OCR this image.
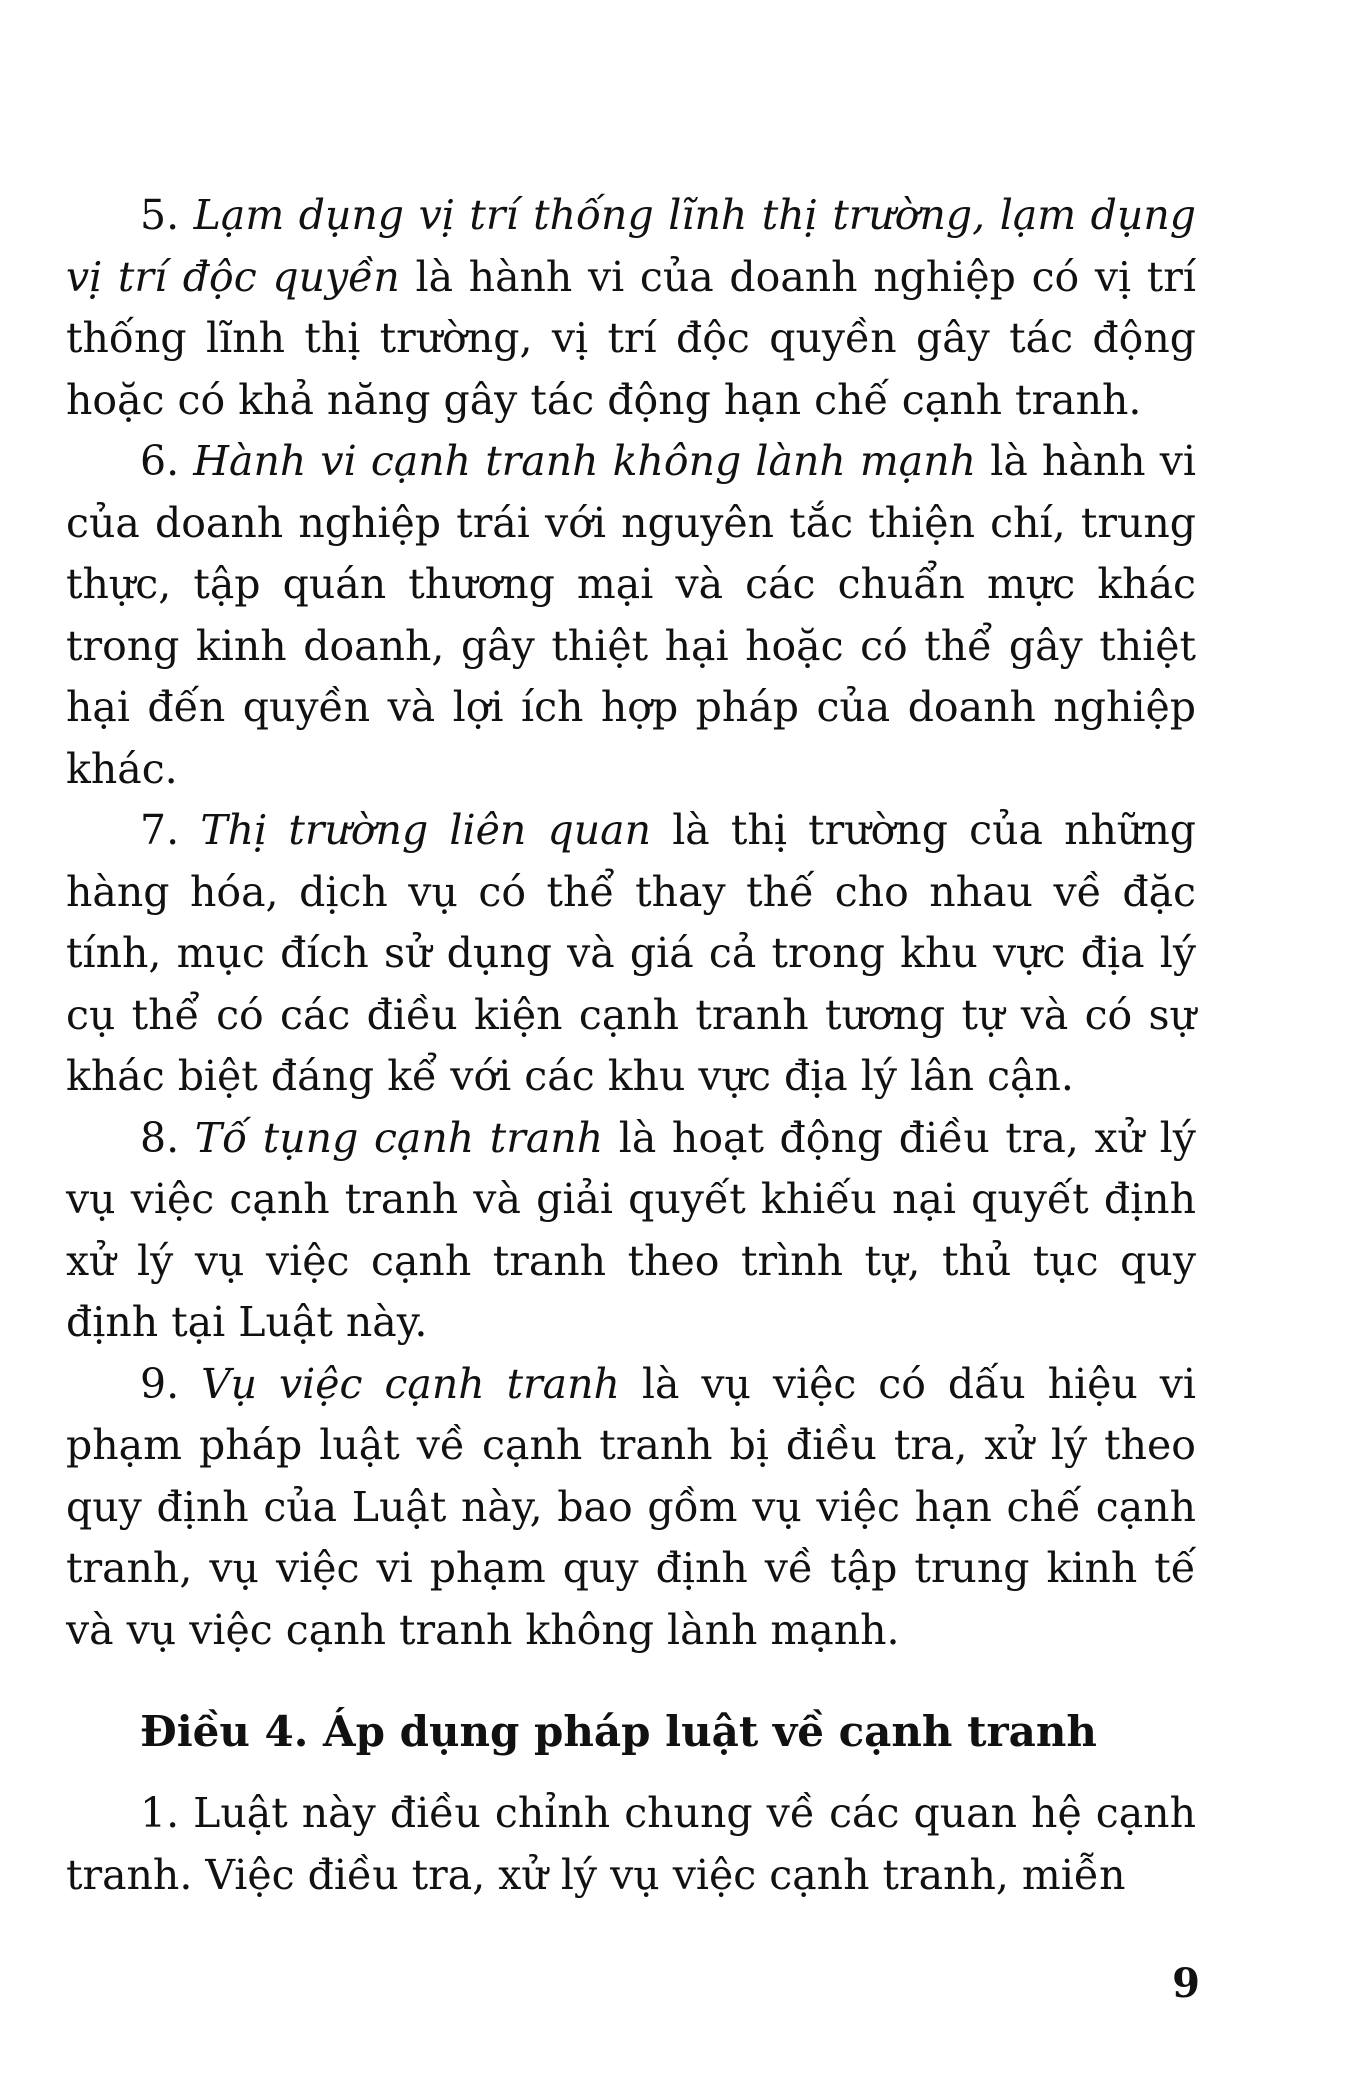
5. Lạm dụng vị trí thống lĩnh thị trường, lạm dụng vị trí độc quyền là hành vi của doanh nghiệp có vị trí thống lĩnh thị trường, vị trí độc quyền gây tác động hoặc có khả năng gây tác động hạn chế cạnh tranh.

6. Hành vi cạnh tranh không lành mạnh là hành vi của doanh nghiệp trái với nguyên tắc thiện chí, trung thực, tập quán thương mại và các chuẩn mực khác trong kinh doanh, gây thiệt hại hoặc có thể gây thiệt hại đến quyền và lợi ích hợp pháp của doanh nghiệp khác.

7. Thị trường liên quan là thị trường của những hàng hóa, dịch vụ có thể thay thế cho nhau về đặc tính, mục đích sử dụng và giá cả trong khu vực địa lý cụ thể có các điều kiện cạnh tranh tương tự và có sự khác biệt đáng kể với các khu vực địa lý lân cận.

8. Tố tụng cạnh tranh là hoạt động điều tra, xử lý vụ việc cạnh tranh và giải quyết khiếu nại quyết định xử lý vụ việc cạnh tranh theo trình tự, thủ tục quy định tại Luật này.

9. Vụ việc cạnh tranh là vụ việc có dấu hiệu vi phạm pháp luật về cạnh tranh bị điều tra, xử lý theo quy định của Luật này, bao gồm vụ việc hạn chế cạnh tranh, vụ việc vi phạm quy định về tập trung kinh tế và vụ việc cạnh tranh không lành mạnh.

Điều 4. Áp dụng pháp luật về cạnh tranh

1. Luật này điều chỉnh chung về các quan hệ cạnh tranh. Việc điều tra, xử lý vụ việc cạnh tranh, miễn

9
